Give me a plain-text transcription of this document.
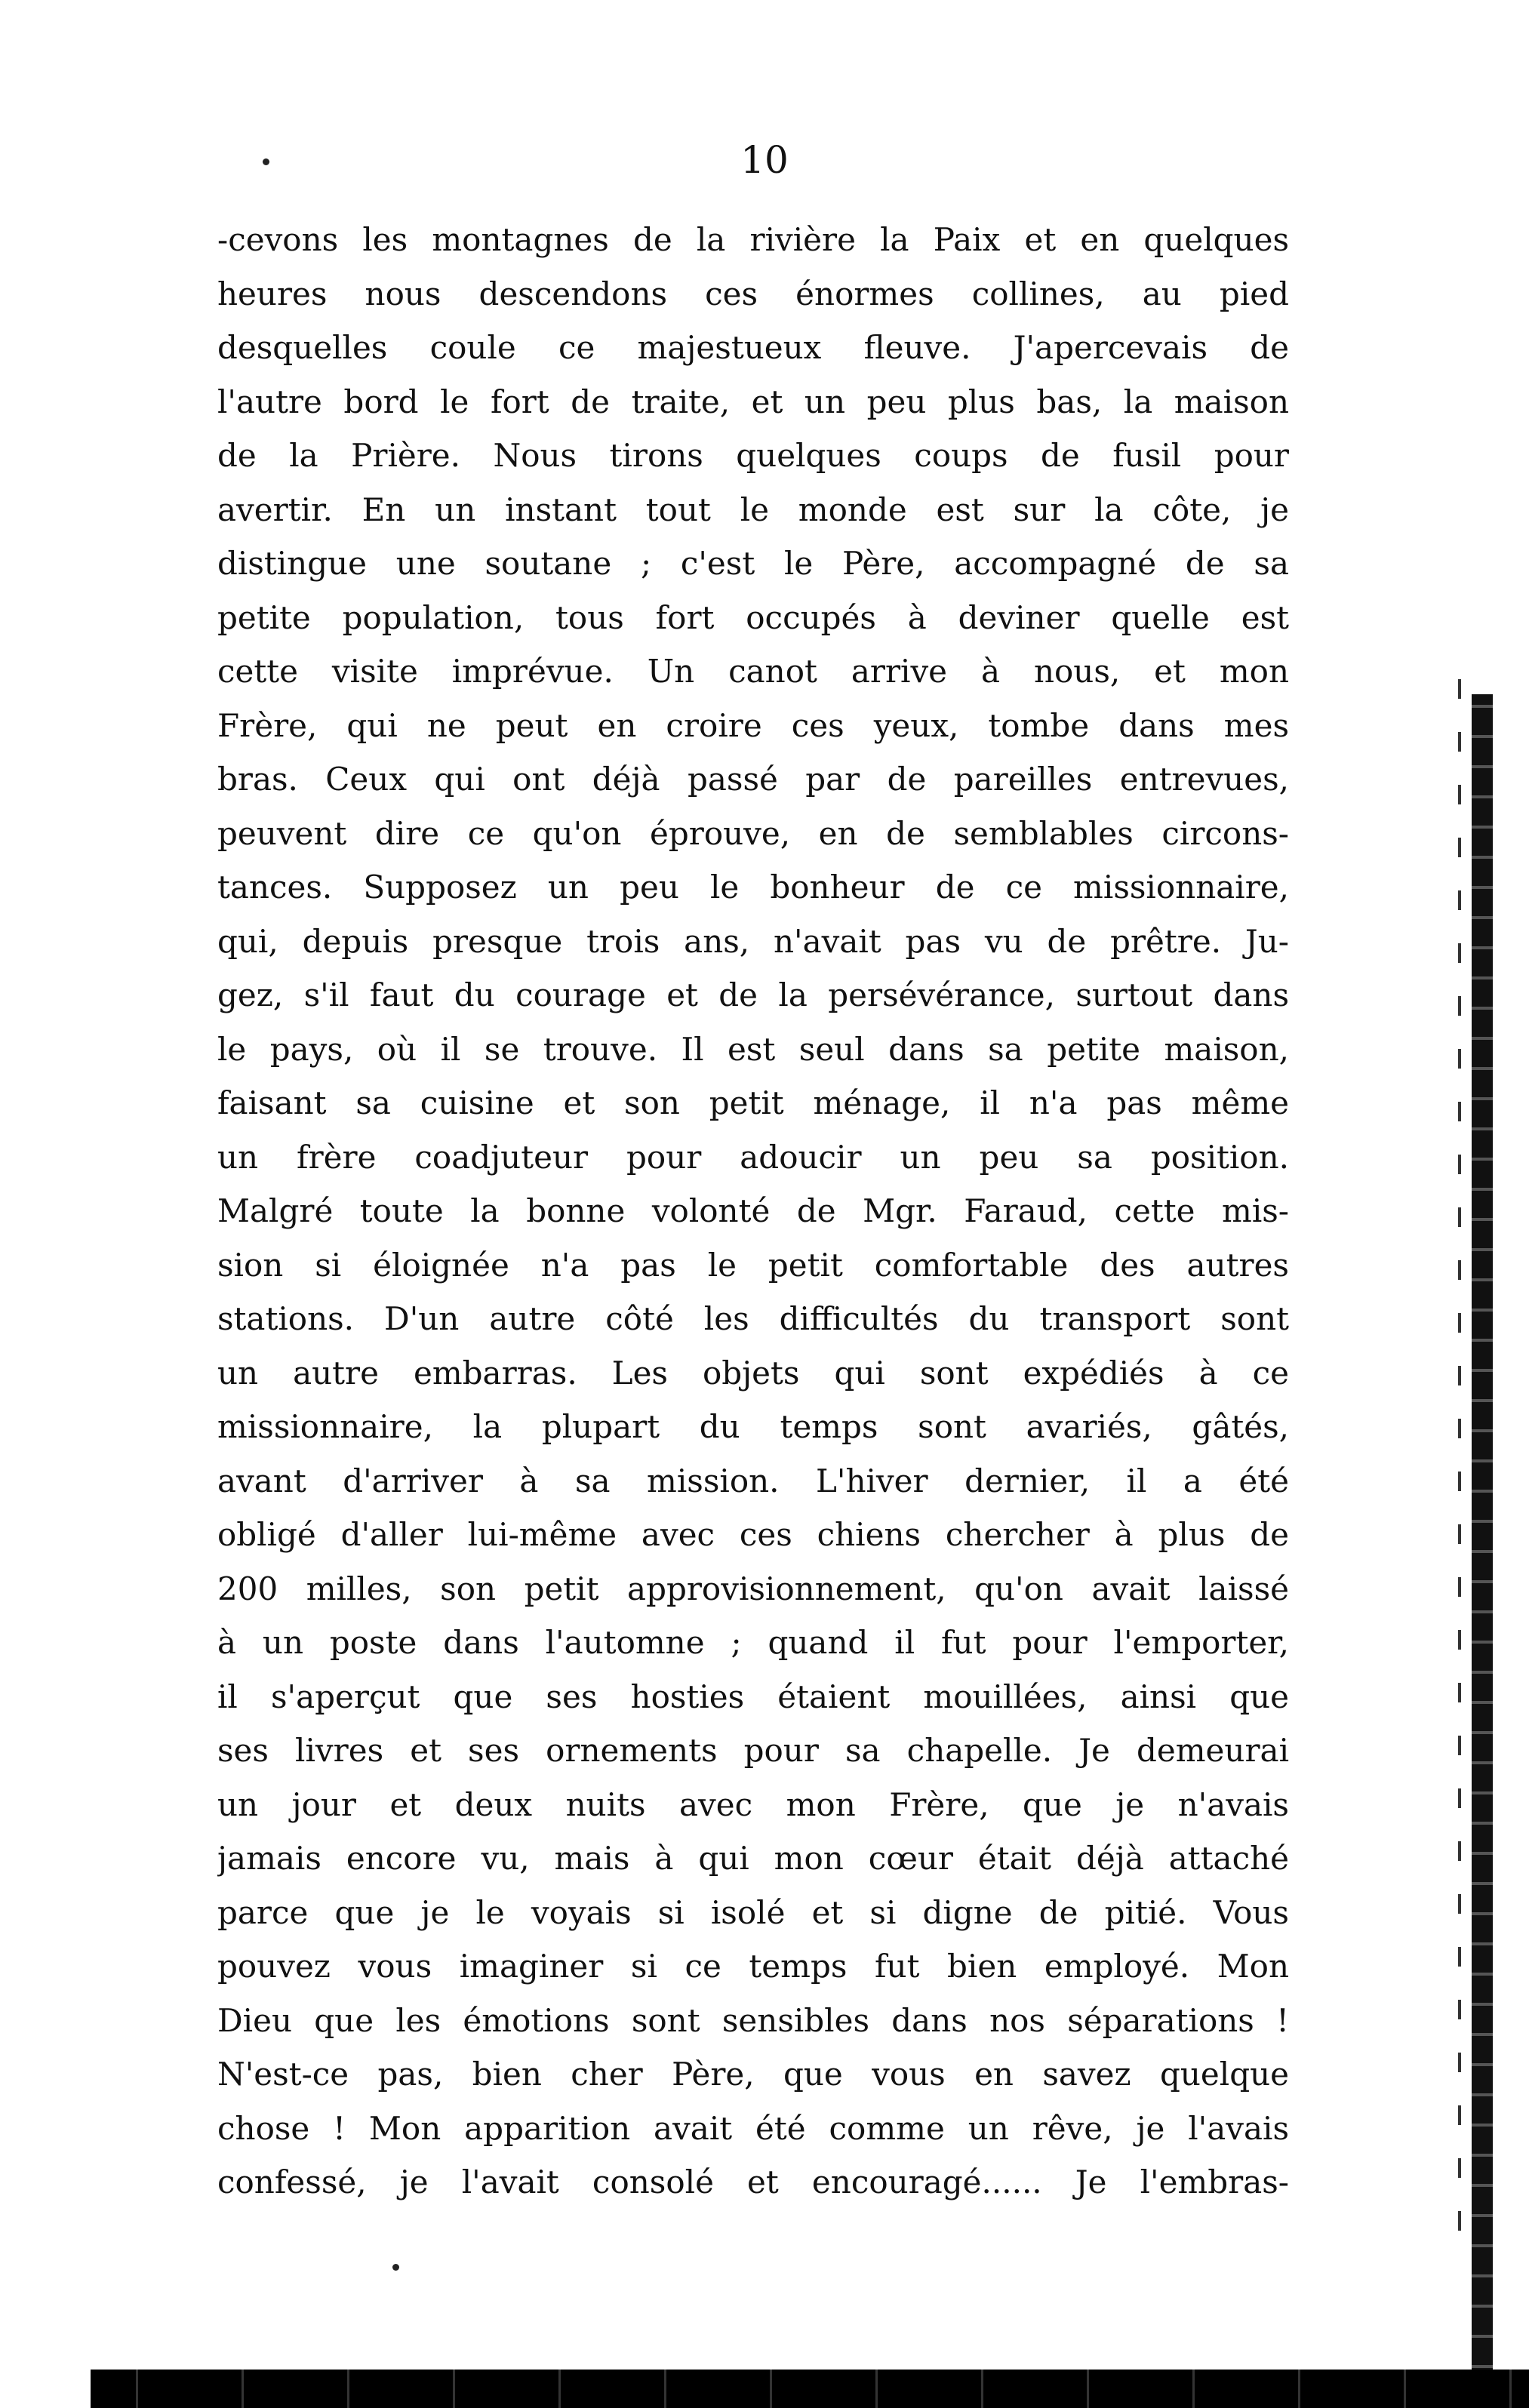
10
-cevons les montagnes de la rivière la Paix et en quelques
heures nous descendons ces énormes collines, au pied
desquelles coule ce majestueux fleuve. J'apercevais de
l'autre bord le fort de traite, et un peu plus bas, la maison
de la Prière. Nous tirons quelques coups de fusil pour
avertir. En un instant tout le monde est sur la côte, je
distingue une soutane ; c'est le Père, accompagné de sa
petite population, tous fort occupés à deviner quelle est
cette visite imprévue. Un canot arrive à nous, et mon
Frère, qui ne peut en croire ces yeux, tombe dans mes
bras. Ceux qui ont déjà passé par de pareilles entrevues,
peuvent dire ce qu'on éprouve, en de semblables circons-
tances. Supposez un peu le bonheur de ce missionnaire,
qui, depuis presque trois ans, n'avait pas vu de prêtre. Ju-
gez, s'il faut du courage et de la persévérance, surtout dans
le pays, où il se trouve. Il est seul dans sa petite maison,
faisant sa cuisine et son petit ménage, il n'a pas même
un frère coadjuteur pour adoucir un peu sa position.
Malgré toute la bonne volonté de Mgr. Faraud, cette mis-
sion si éloignée n'a pas le petit comfortable des autres
stations. D'un autre côté les difficultés du transport sont
un autre embarras. Les objets qui sont expédiés à ce
missionnaire, la plupart du temps sont avariés, gâtés,
avant d'arriver à sa mission. L'hiver dernier, il a été
obligé d'aller lui-même avec ces chiens chercher à plus de
200 milles, son petit approvisionnement, qu'on avait laissé
à un poste dans l'automne ; quand il fut pour l'emporter,
il s'aperçut que ses hosties étaient mouillées, ainsi que
ses livres et ses ornements pour sa chapelle. Je demeurai
un jour et deux nuits avec mon Frère, que je n'avais
jamais encore vu, mais à qui mon cœur était déjà attaché
parce que je le voyais si isolé et si digne de pitié. Vous
pouvez vous imaginer si ce temps fut bien employé. Mon
Dieu que les émotions sont sensibles dans nos séparations !
N'est-ce pas, bien cher Père, que vous en savez quelque
chose ! Mon apparition avait été comme un rêve, je l'avais
confessé, je l'avait consolé et encouragé...... Je l'embras-
